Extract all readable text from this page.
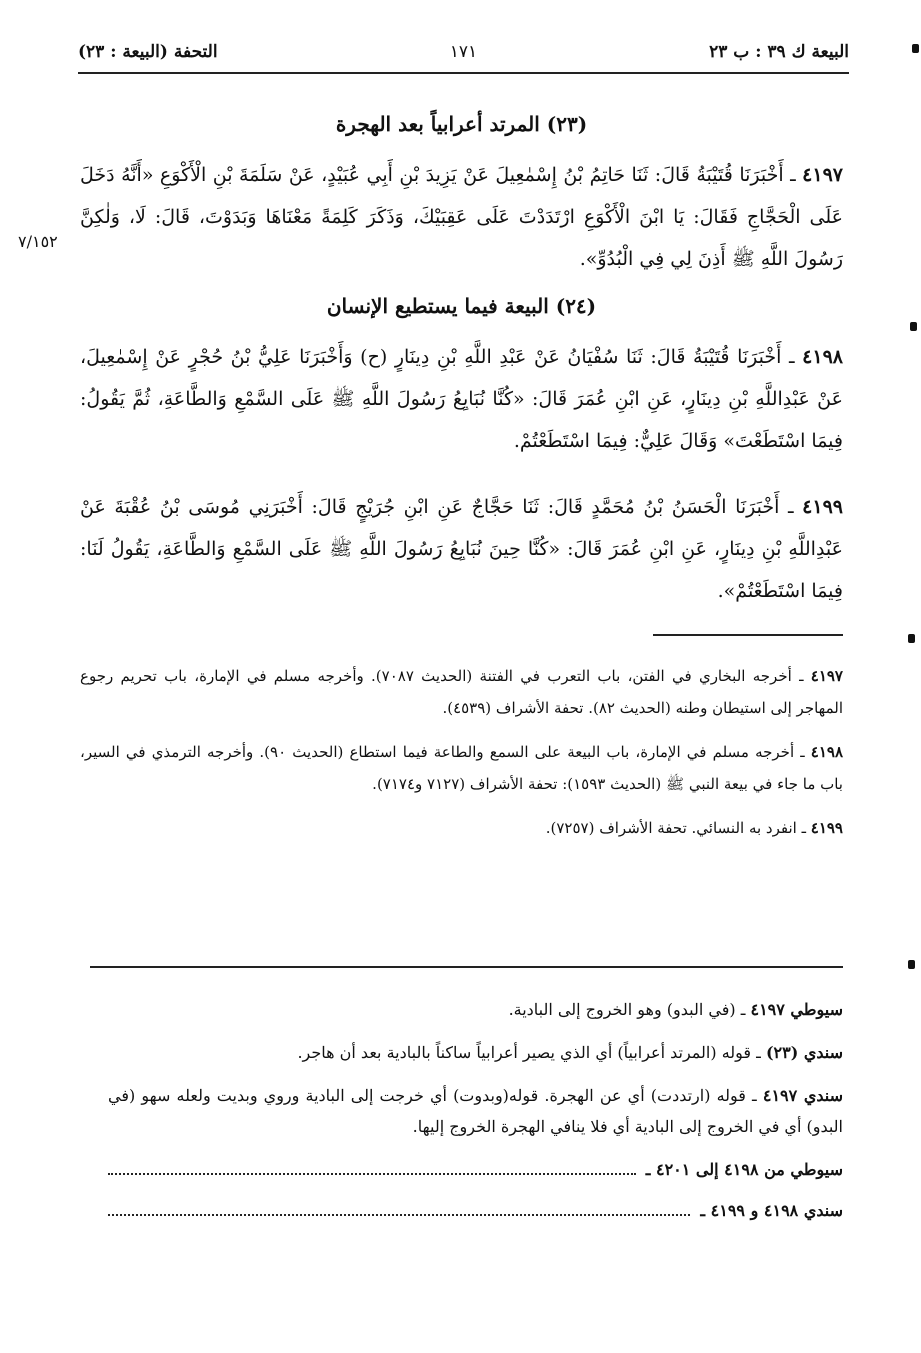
البيعة ك ٣٩ : ب ٢٣
١٧١
التحفة (البيعة : ٢٣)
٧/١٥٢
(٢٣) المرتد أعرابياً بعد الهجرة

٤١٩٧ ـ أَخْبَرَنَا قُتَيْبَةُ قَالَ: ثَنَا حَاتِمُ بْنُ إِسْمٰعِيلَ عَنْ يَزِيدَ بْنِ أَبِي عُبَيْدٍ، عَنْ سَلَمَةَ بْنِ الْأَكْوَعِ «أَنَّهُ دَخَلَ عَلَى الْحَجَّاجِ فَقَالَ: يَا ابْنَ الْأَكْوَعِ ارْتَدَدْتَ عَلَى عَقِبَيْكَ، وَذَكَرَ كَلِمَةً مَعْنَاهَا وَبَدَوْتَ، قَالَ: لَا، وَلٰكِنَّ رَسُولَ اللَّهِ ﷺ أَذِنَ لِي فِي الْبُدُوِّ».

(٢٤) البيعة فيما يستطيع الإنسان

٤١٩٨ ـ أَخْبَرَنَا قُتَيْبَةُ قَالَ: ثَنَا سُفْيَانُ عَنْ عَبْدِ اللَّهِ بْنِ دِينَارٍ (ح) وَأَخْبَرَنَا عَلِيُّ بْنُ حُجْرٍ عَنْ إِسْمٰعِيلَ، عَنْ عَبْدِاللَّهِ بْنِ دِينَارٍ، عَنِ ابْنِ عُمَرَ قَالَ: «كُنَّا نُبَايِعُ رَسُولَ اللَّهِ ﷺ عَلَى السَّمْعِ وَالطَّاعَةِ، ثُمَّ يَقُولُ: فِيمَا اسْتَطَعْتَ» وَقَالَ عَلِيٌّ: فِيمَا اسْتَطَعْتُمْ.

٤١٩٩ ـ أَخْبَرَنَا الْحَسَنُ بْنُ مُحَمَّدٍ قَالَ: ثَنَا حَجَّاجٌ عَنِ ابْنِ جُرَيْجٍ قَالَ: أَخْبَرَنِي مُوسَى بْنُ عُقْبَةَ عَنْ عَبْدِاللَّهِ بْنِ دِينَارٍ، عَنِ ابْنِ عُمَرَ قَالَ: «كُنَّا حِينَ نُبَايِعُ رَسُولَ اللَّهِ ﷺ عَلَى السَّمْعِ وَالطَّاعَةِ، يَقُولُ لَنَا: فِيمَا اسْتَطَعْتُمْ».

٤١٩٧ ـ أخرجه البخاري في الفتن، باب التعرب في الفتنة (الحديث ٧٠٨٧). وأخرجه مسلم في الإمارة، باب تحريم رجوع المهاجر إلى استيطان وطنه (الحديث ٨٢). تحفة الأشراف (٤٥٣٩).

٤١٩٨ ـ أخرجه مسلم في الإمارة، باب البيعة على السمع والطاعة فيما استطاع (الحديث ٩٠). وأخرجه الترمذي في السير، باب ما جاء في بيعة النبي ﷺ (الحديث ١٥٩٣): تحفة الأشراف (٧١٢٧ و٧١٧٤).

٤١٩٩ ـ انفرد به النسائي. تحفة الأشراف (٧٢٥٧).

سيوطي ٤١٩٧ ـ (في البدو) وهو الخروج إلى البادية.

سندي (٢٣) ـ قوله (المرتد أعرابياً) أي الذي يصير أعرابياً ساكناً بالبادية بعد أن هاجر.

سندي ٤١٩٧ ـ قوله (ارتددت) أي عن الهجرة. قوله(وبدوت) أي خرجت إلى البادية وروي وبديت ولعله سهو (في البدو) أي في الخروج إلى البادية أي فلا ينافي الهجرة الخروج إليها.

سيوطي من ٤١٩٨ إلى ٤٢٠١ ـ
سندي ٤١٩٨ و ٤١٩٩ ـ
